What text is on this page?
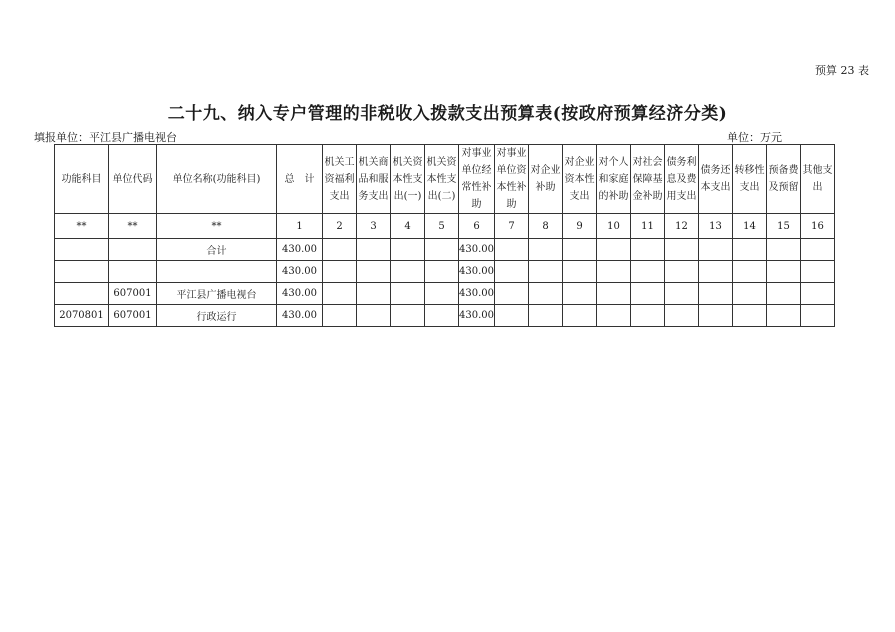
预算 23 表
二十九、纳入专户管理的非税收入拨款支出预算表(按政府预算经济分类)
填报单位：平江县广播电视台	单位：万元
功能科目	单位代码	单位名称(功能科目)	总　计	机关工资福利支出	机关商品和服务支出	机关资本性支出(一)	机关资本性支出(二)	对事业单位经常性补助	对事业单位资本性补助	对企业补助	对企业资本性支出	对个人和家庭的补助	对社会保障基金补助	债务利息及费用支出	债务还本支出	转移性支出	预备费及预留	其他支出
**	**	**	1	2	3	4	5	6	7	8	9	10	11	12	13	14	15	16
		合计	430.00					430.00										
			430.00					430.00										
	607001	平江县广播电视台	430.00					430.00										
2070801	607001	行政运行	430.00					430.00										
